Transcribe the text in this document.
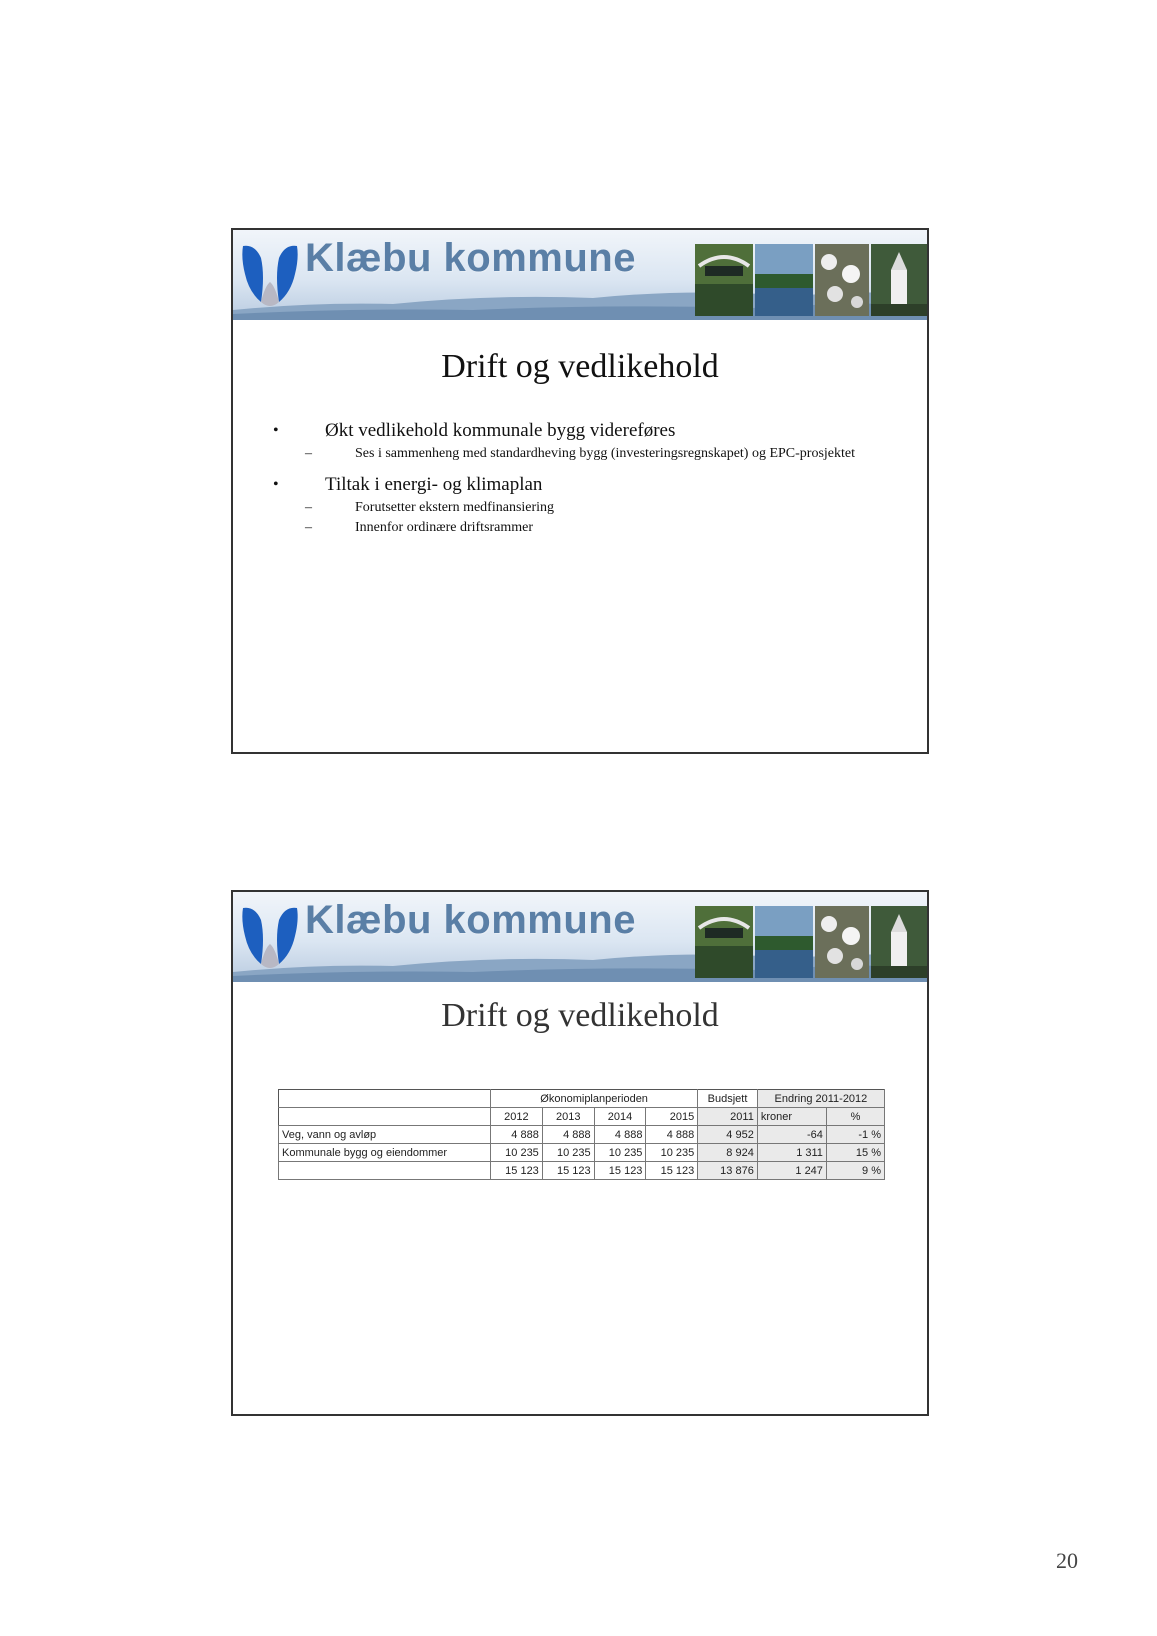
Klæbu kommune
Drift og vedlikehold
• Økt vedlikehold kommunale bygg videreføres
–	Ses i sammenheng med standardheving bygg (investeringsregnskapet) og EPC-prosjektet
• Tiltak i energi- og klimaplan
–	Forutsetter ekstern medfinansiering
–	Innenfor ordinære driftsrammer
Klæbu kommune
Drift og vedlikehold
	Økonomiplanperioden				Budsjett	Endring 2011-2012	
	2012	2013	2014	2015	2011	kroner	%
Veg, vann og avløp	4 888	4 888	4 888	4 888	4 952	-64	-1 %
Kommunale bygg og eiendommer	10 235	10 235	10 235	10 235	8 924	1 311	15 %
	15 123	15 123	15 123	15 123	13 876	1 247	9 %
20
